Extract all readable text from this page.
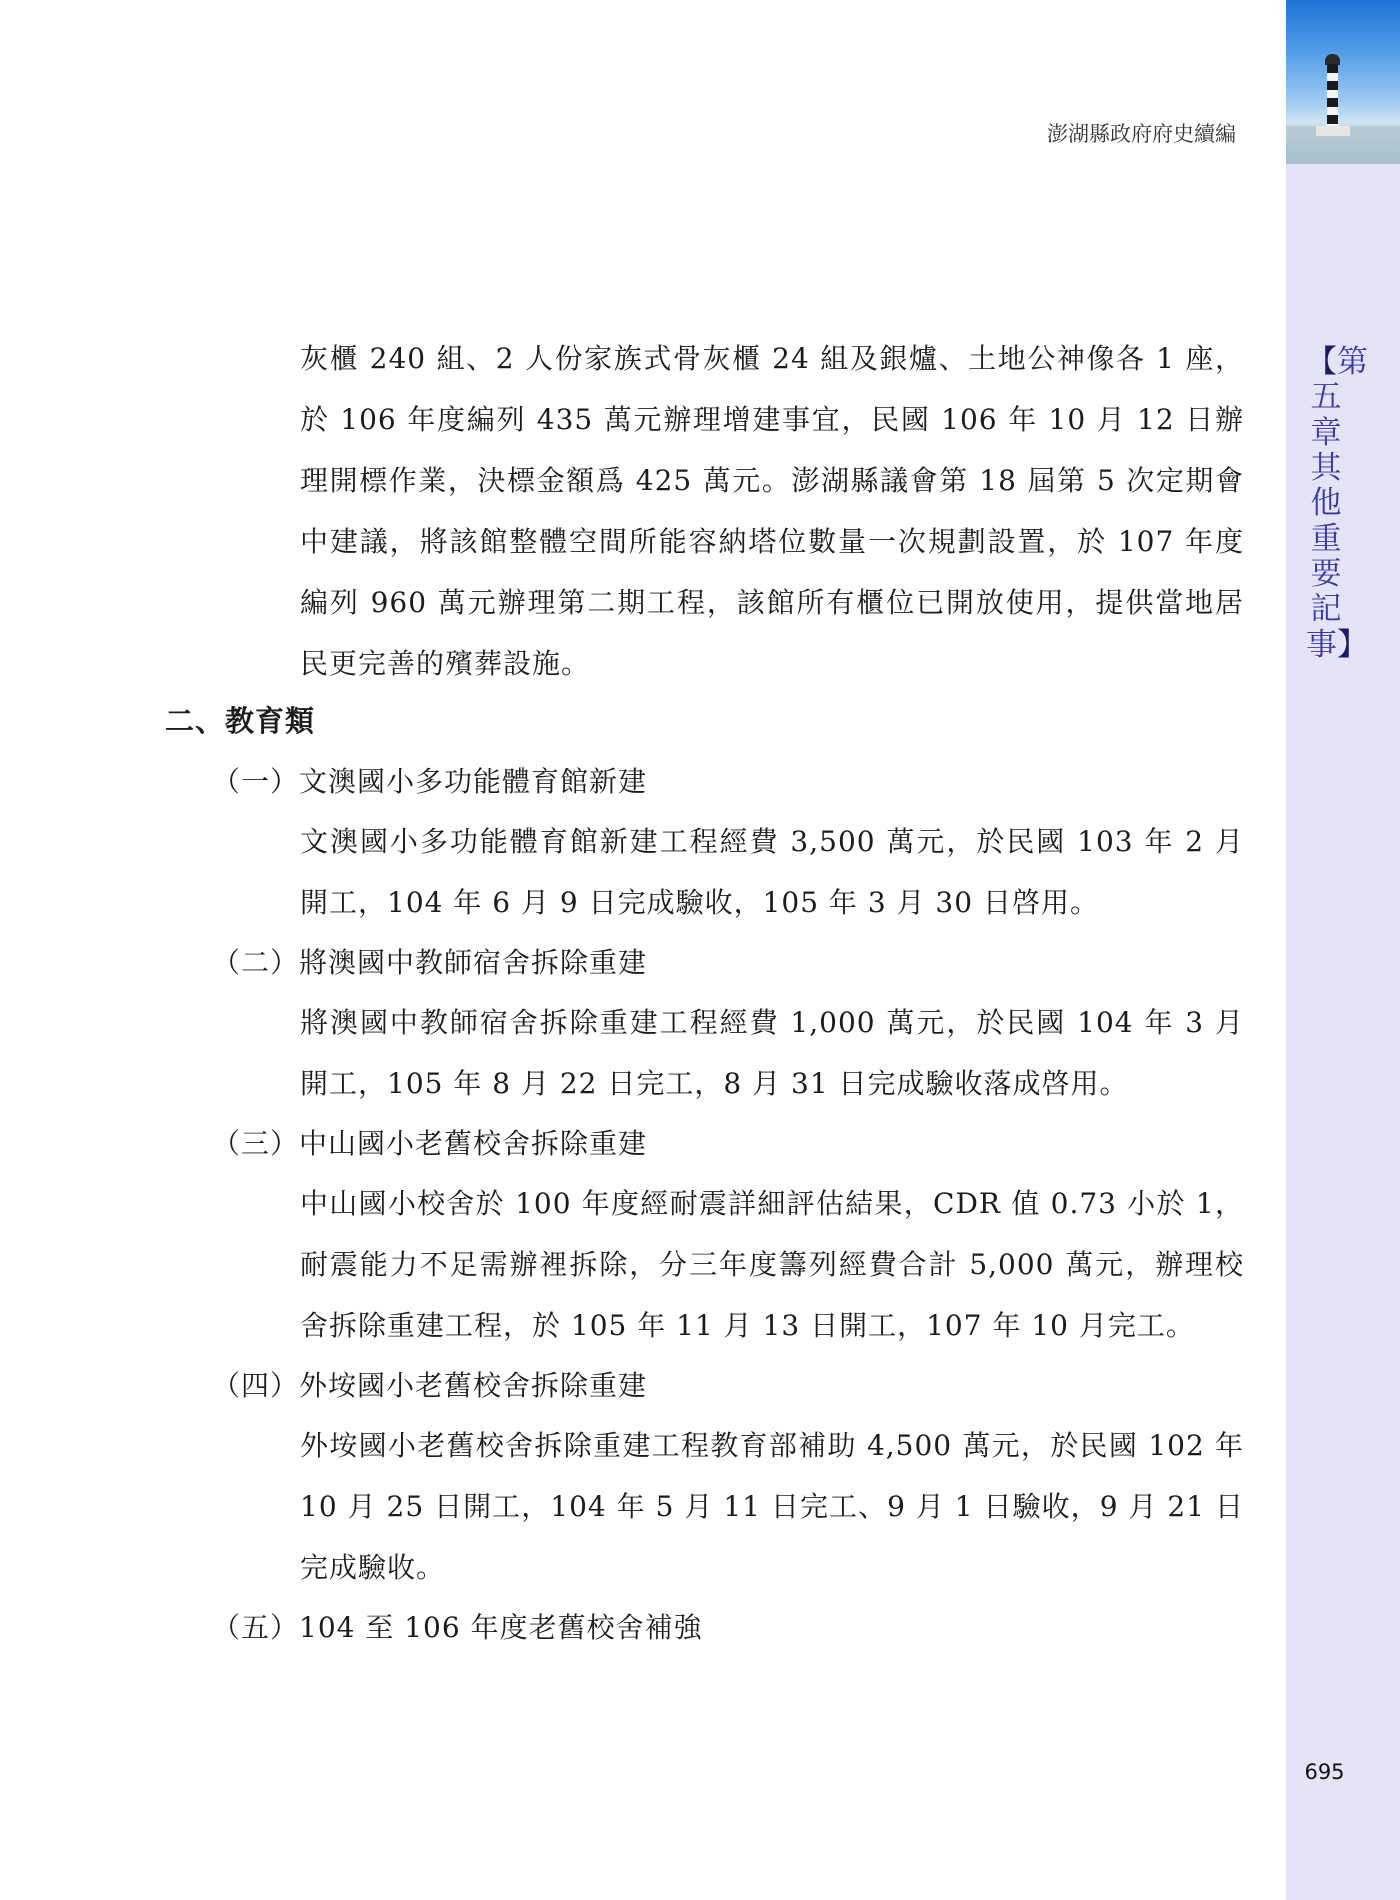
澎湖縣政府府史續編
【第五章 其他重要記事】
灰櫃 240 組、2 人份家族式骨灰櫃 24 組及銀爐、土地公神像各 1 座，於 106 年度編列 435 萬元辦理增建事宜，民國 106 年 10 月 12 日辦理開標作業，決標金額爲 425 萬元。澎湖縣議會第 18 屆第 5 次定期會中建議，將該館整體空間所能容納塔位數量一次規劃設置，於 107 年度編列 960 萬元辦理第二期工程，該館所有櫃位已開放使用，提供當地居民更完善的殯葬設施。
二、教育類
（一）文澳國小多功能體育館新建
文澳國小多功能體育館新建工程經費 3,500 萬元，於民國 103 年 2 月開工，104 年 6 月 9 日完成驗收，105 年 3 月 30 日啓用。
（二）將澳國中教師宿舍拆除重建
將澳國中教師宿舍拆除重建工程經費 1,000 萬元，於民國 104 年 3 月開工，105 年 8 月 22 日完工，8 月 31 日完成驗收落成啓用。
（三）中山國小老舊校舍拆除重建
中山國小校舍於 100 年度經耐震詳細評估結果，CDR 值 0.73 小於 1，耐震能力不足需辦裡拆除，分三年度籌列經費合計 5,000 萬元，辦理校舍拆除重建工程，於 105 年 11 月 13 日開工，107 年 10 月完工。
（四）外垵國小老舊校舍拆除重建
外垵國小老舊校舍拆除重建工程教育部補助 4,500 萬元，於民國 102 年 10 月 25 日開工，104 年 5 月 11 日完工、9 月 1 日驗收，9 月 21 日完成驗收。
（五）104 至 106 年度老舊校舍補強
695
